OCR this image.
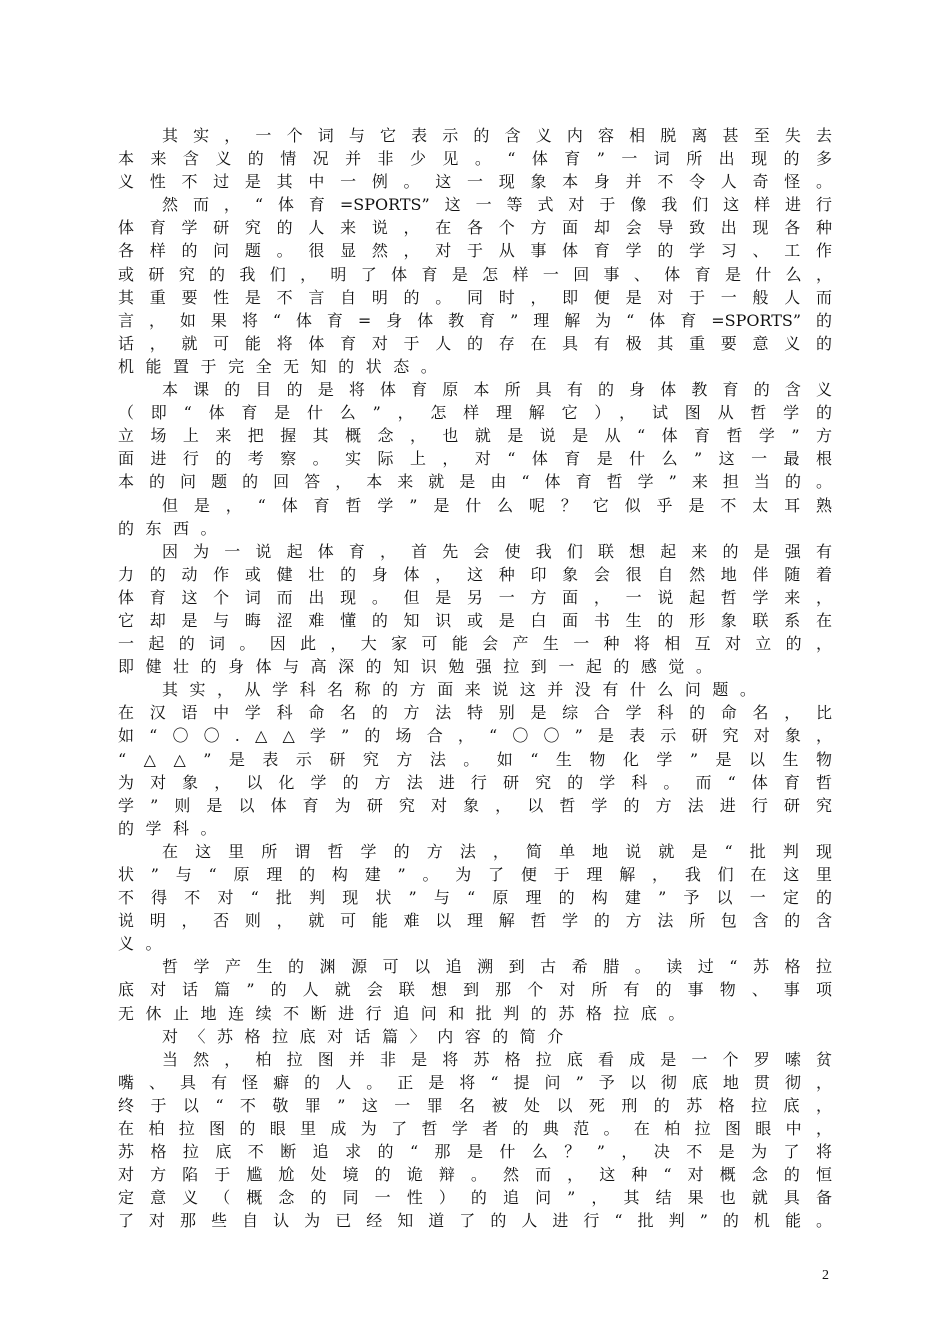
其实，一个词与它表示的含义内容相脱离甚至失去
本来含义的情况并非少见。“体育”一词所出现的多
义性不过是其中一例。这一现象本身并不令人奇怪。
然而，“体育=SPORTS”这一等式对于像我们这样进行
体育学研究的人来说，在各个方面却会导致出现各种
各样的问题。很显然，对于从事体育学的学习、工作
或研究的我们，明了体育是怎样一回事、体育是什么，
其重要性是不言自明的。同时，即便是对于一般人而
言，如果将“体育=身体教育”理解为“体育=SPORTS”的
话，就可能将体育对于人的存在具有极其重要意义的
机能置于完全无知的状态。
本课的目的是将体育原本所具有的身体教育的含义
（即“体育是什么”，怎样理解它），试图从哲学的
立场上来把握其概念，也就是说是从“体育哲学”方
面进行的考察。实际上，对“体育是什么”这一最根
本的问题的回答，本来就是由“体育哲学”来担当的。
但是，“体育哲学”是什么呢？它似乎是不太耳熟
的东西。
因为一说起体育，首先会使我们联想起来的是强有
力的动作或健壮的身体，这种印象会很自然地伴随着
体育这个词而出现。但是另一方面，一说起哲学来，
它却是与晦涩难懂的知识或是白面书生的形象联系在
一起的词。因此，大家可能会产生一种将相互对立的，
即健壮的身体与高深的知识勉强拉到一起的感觉。
其实，从学科名称的方面来说这并没有什么问题。
在汉语中学科命名的方法特别是综合学科的命名，比
如“〇〇.△△学”的场合，“〇〇”是表示研究对象，
“△△”是表示研究方法。如“生物化学”是以生物
为对象，以化学的方法进行研究的学科。而“体育哲
学”则是以体育为研究对象，以哲学的方法进行研究
的学科。
在这里所谓哲学的方法，简单地说就是“批判现
状”与“原理的构建”。为了便于理解，我们在这里
不得不对“批判现状”与“原理的构建”予以一定的
说明，否则，就可能难以理解哲学的方法所包含的含
义。
哲学产生的渊源可以追溯到古希腊。读过“苏格拉
底对话篇”的人就会联想到那个对所有的事物、事项
无休止地连续不断进行追问和批判的苏格拉底。
对〈苏格拉底对话篇〉内容的简介
当然，柏拉图并非是将苏格拉底看成是一个罗嗦贫
嘴、具有怪癖的人。正是将“提问”予以彻底地贯彻，
终于以“不敬罪”这一罪名被处以死刑的苏格拉底，
在柏拉图的眼里成为了哲学者的典范。在柏拉图眼中，
苏格拉底不断追求的“那是什么？”，决不是为了将
对方陷于尴尬处境的诡辩。然而，这种“对概念的恒
定意义（概念的同一性）的追问”，其结果也就具备
了对那些自认为已经知道了的人进行“批判”的机能。
2
